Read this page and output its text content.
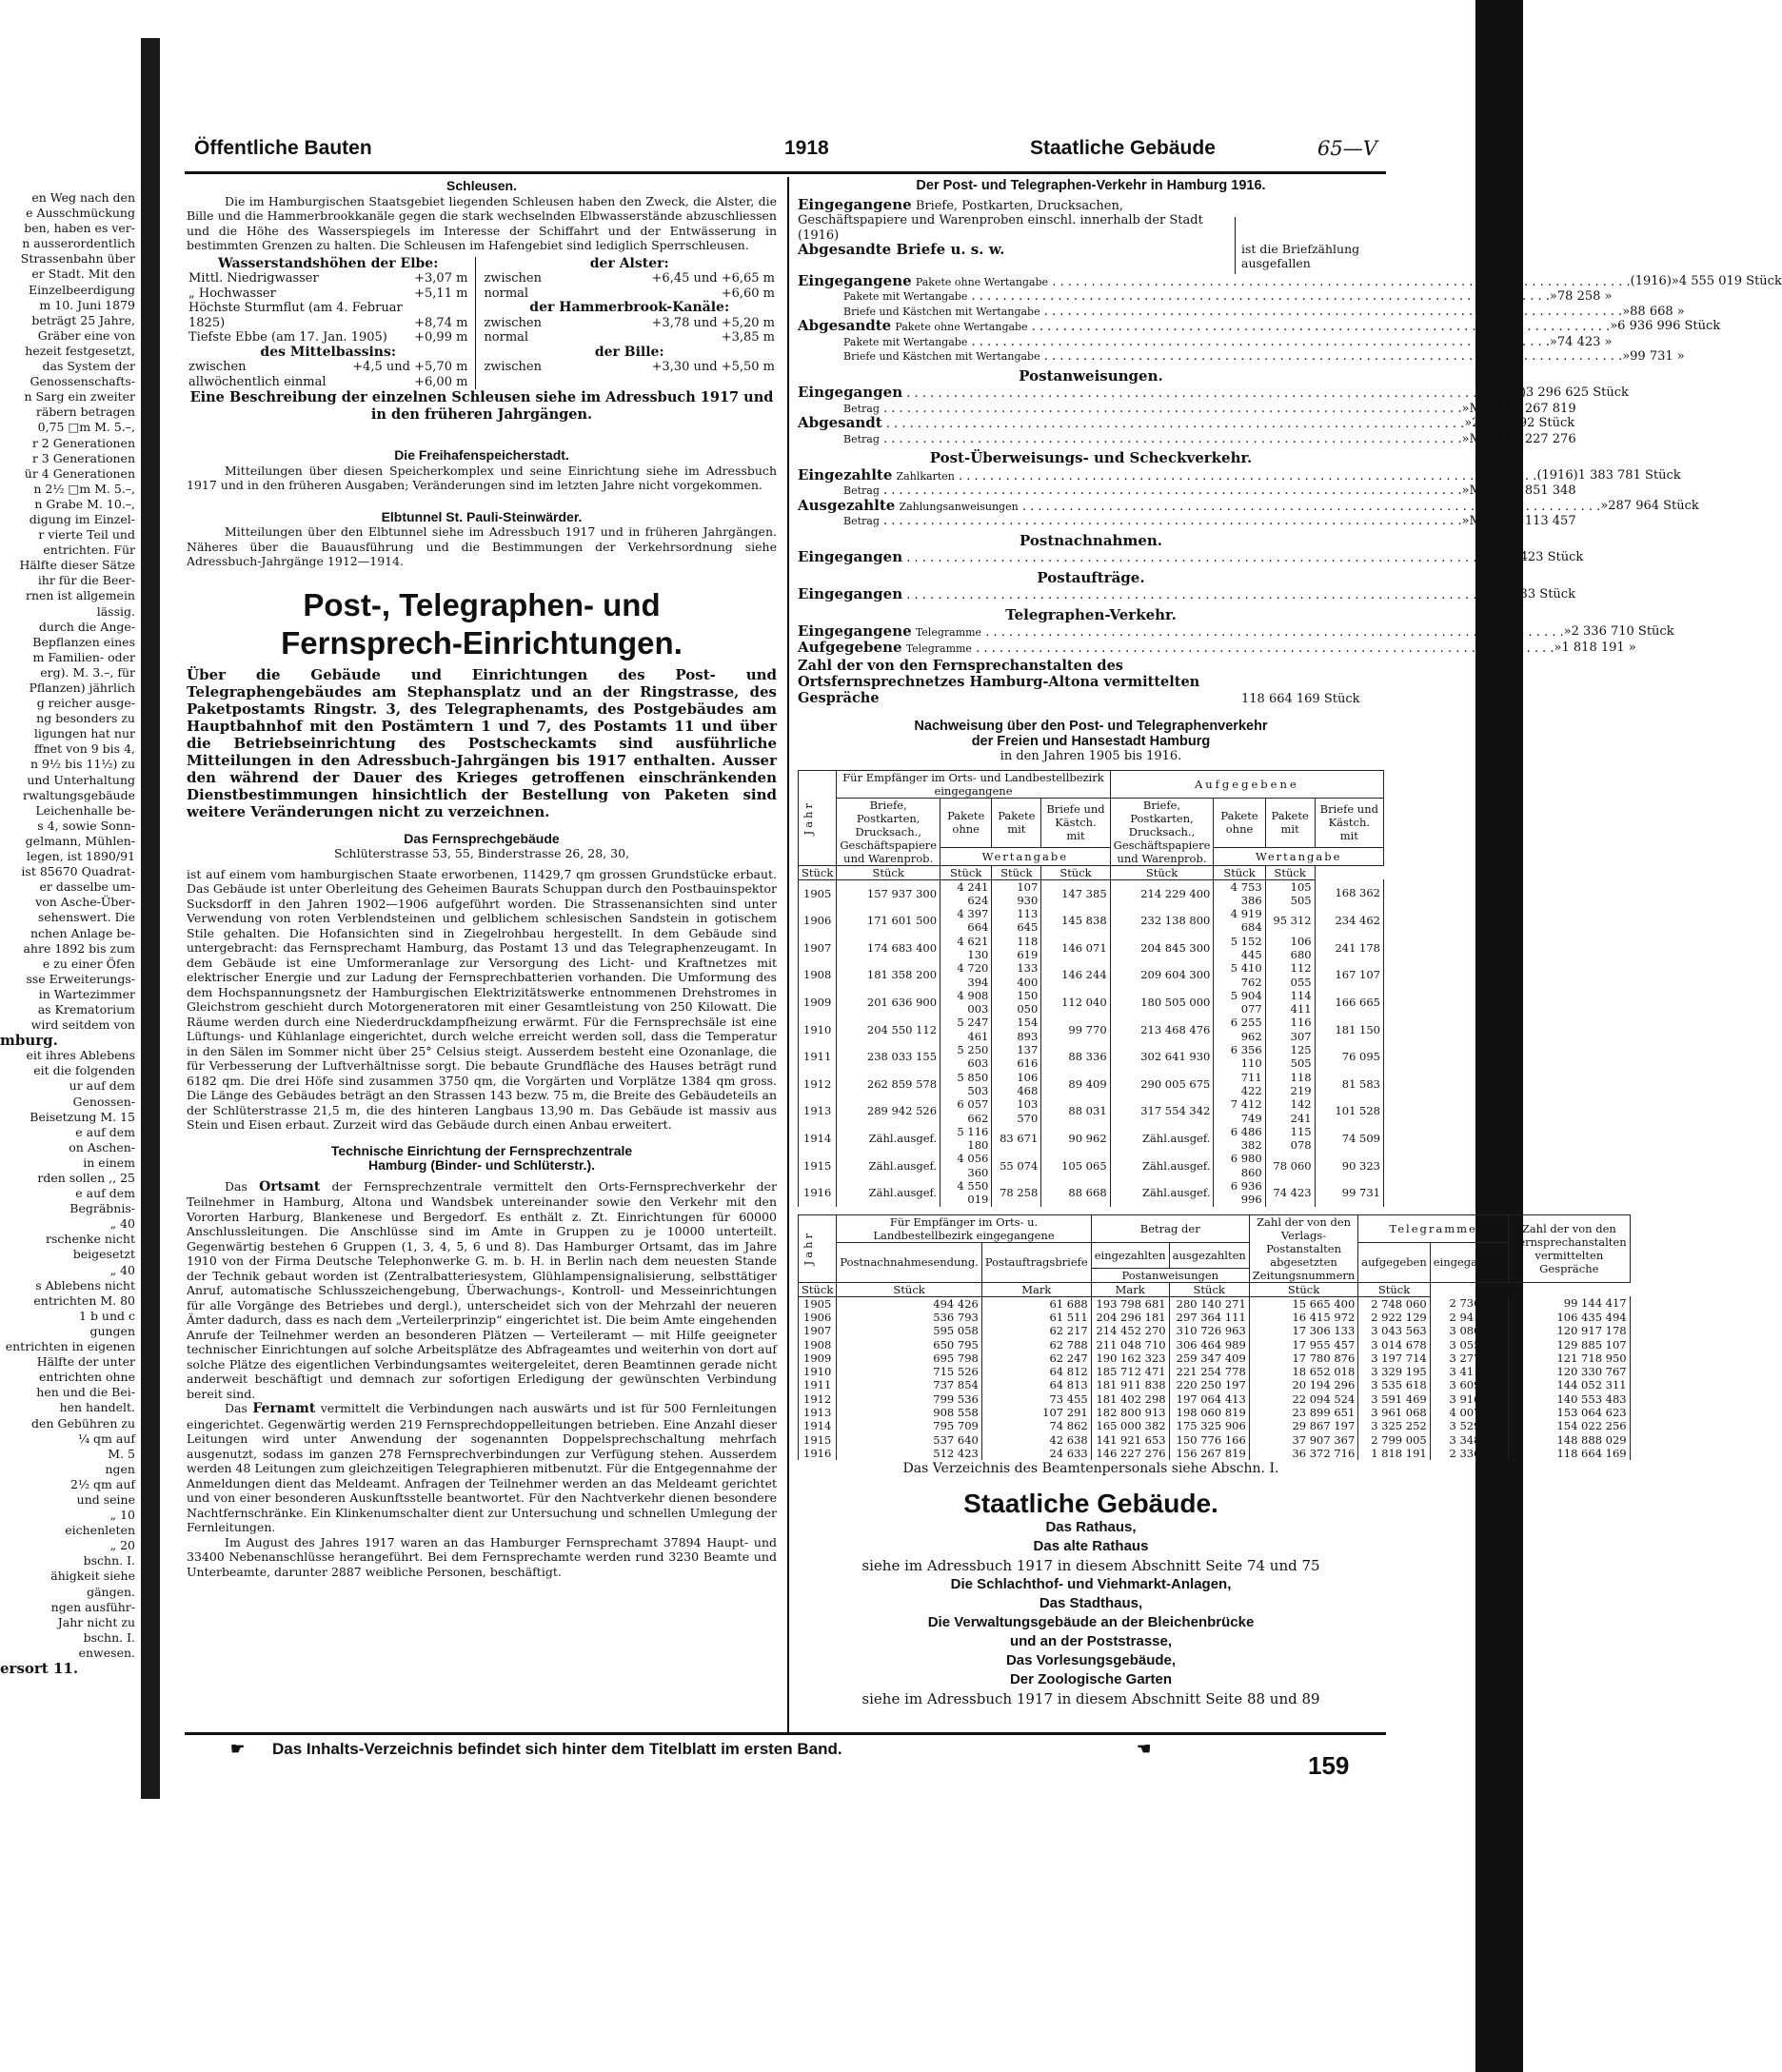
en Weg nach den
e Ausschmückung
ben, haben es ver-
n ausserordentlich
Strassenbahn über
er Stadt. Mit den
Einzelbeerdigung
m 10. Juni 1879
beträgt 25 Jahre,
Gräber eine von
hezeit festgesetzt,
das System der
Genossenschafts-
n Sarg ein zweiter
räbern betragen
0,75 □m M. 5.–,
r 2 Generationen
r 3 Generationen
ür 4 Generationen
n 2½ □m M. 5.–,
n Grabe M. 10.–,
digung im Einzel-
r vierte Teil und
entrichten. Für
Hälfte dieser Sätze
ihr für die Beer-
rnen ist allgemein
lässig.
durch die Ange-
Bepflanzen eines
m Familien- oder
erg). M. 3.–, für
Pflanzen) jährlich
g reicher ausge-
ng besonders zu
ligungen hat nur
ffnet von 9 bis 4,
n 9½ bis 11½) zu
und Unterhaltung
rwaltungsgebäude
Leichenhalle be-
s 4, sowie Sonn-
gelmann, Mühlen-
legen, ist 1890/91
ist 85670 Quadrat-
er dasselbe um-
von Asche-Über-
sehenswert. Die
nchen Anlage be-
ahre 1892 bis zum
e zu einer Öfen
sse Erweiterungs-
in Wartezimmer
as Krematorium
wird seitdem von
mburg.
eit ihres Ablebens
eit die folgenden
ur auf dem
Genossen-
Beisetzung M. 15
e auf dem
on Aschen-
in einem
rden sollen ,, 25
e auf dem
Begräbnis-
„ 40
rschenke nicht
beigesetzt
„ 40
s Ablebens nicht
entrichten M. 80
1 b und c
gungen
entrichten in eigenen
Hälfte der unter
entrichten ohne
hen und die Bei-
hen handelt.
den Gebühren zu
¼ qm auf
M. 5
ngen
2½ qm auf
und seine
„ 10
eichenleten
„ 20
bschn. I.
ähigkeit siehe
gängen.
ngen ausführ-
Jahr nicht zu
bschn. I.
enwesen.
ersort 11.
Öffentliche Bauten	1918	Staatliche Gebäude	65—V
Schleusen.

Die im Hamburgischen Staatsgebiet liegenden Schleusen haben den Zweck, die Alster, die Bille und die Hammerbrookkanäle gegen die stark wechselnden Elbwasserstände abzuschliessen und die Höhe des Wasserspiegels im Interesse der Schiffahrt und der Entwässerung in bestimmten Grenzen zu halten. Die Schleusen im Hafengebiet sind lediglich Sperrschleusen.

Wasserstandshöhen der Elbe:
Mittl. Niedrigwasser	+3,07 m
„ Hochwasser	+5,11 m
Höchste Sturmflut (am 4. Februar 1825)	+8,74 m
Tiefste Ebbe (am 17. Jan. 1905)	+0,99 m
des Mittelbassins:
zwischen	+4,5 und +5,70 m
allwöchentlich einmal	+6,00 m
der Alster:
zwischen	+6,45 und +6,65 m
normal	+6,60 m
der Hammerbrook-Kanäle:
zwischen	+3,78 und +5,20 m
normal	+3,85 m
der Bille:
zwischen	+3,30 und +5,50 m
Eine Beschreibung der einzelnen Schleusen siehe im Adressbuch 1917 und in den früheren Jahrgängen.
Die Freihafenspeicherstadt.

Mitteilungen über diesen Speicherkomplex und seine Einrichtung siehe im Adressbuch 1917 und in den früheren Ausgaben; Veränderungen sind im letzten Jahre nicht vorgekommen.

Elbtunnel St. Pauli-Steinwärder.

Mitteilungen über den Elbtunnel siehe im Adressbuch 1917 und in früheren Jahrgängen. Näheres über die Bauausführung und die Bestimmungen der Verkehrsordnung siehe Adressbuch-Jahrgänge 1912—1914.

Post-, Telegraphen- und
Fernsprech-Einrichtungen.
Über die Gebäude und Einrichtungen des Post- und Telegraphengebäudes am Stephansplatz und an der Ringstrasse, des Paketpostamts Ringstr. 3, des Telegraphenamts, des Postgebäudes am Hauptbahnhof mit den Postämtern 1 und 7, des Postamts 11 und über die Betriebseinrichtung des Postscheckamts sind ausführliche Mitteilungen in den Adressbuch-Jahrgängen bis 1917 enthalten. Ausser den während der Dauer des Krieges getroffenen einschränkenden Dienstbestimmungen hinsichtlich der Bestellung von Paketen sind weitere Veränderungen nicht zu verzeichnen.
Das Fernsprechgebäude
Schlüterstrasse 53, 55, Binderstrasse 26, 28, 30,

ist auf einem vom hamburgischen Staate erworbenen, 11429,7 qm grossen Grundstücke erbaut. Das Gebäude ist unter Oberleitung des Geheimen Baurats Schuppan durch den Postbauinspektor Sucksdorff in den Jahren 1902—1906 aufgeführt worden. Die Strassenansichten sind unter Verwendung von roten Verblendsteinen und gelblichem schlesischen Sandstein in gotischem Stile gehalten. Die Hofansichten sind in Ziegelrohbau hergestellt. In dem Gebäude sind untergebracht: das Fernsprechamt Hamburg, das Postamt 13 und das Telegraphenzeugamt. In dem Gebäude ist eine Umformeranlage zur Versorgung des Licht- und Kraftnetzes mit elektrischer Energie und zur Ladung der Fernsprechbatterien vorhanden. Die Umformung des dem Hochspannungsnetz der Hamburgischen Elektrizitätswerke entnommenen Drehstromes in Gleichstrom geschieht durch Motorgeneratoren mit einer Gesamtleistung von 250 Kilowatt. Die Räume werden durch eine Niederdruckdampfheizung erwärmt. Für die Fernsprechsäle ist eine Lüftungs- und Kühlanlage eingerichtet, durch welche erreicht werden soll, dass die Temperatur in den Sälen im Sommer nicht über 25° Celsius steigt. Ausserdem besteht eine Ozonanlage, die für Verbesserung der Luftverhältnisse sorgt. Die bebaute Grundfläche des Hauses beträgt rund 6182 qm. Die drei Höfe sind zusammen 3750 qm, die Vorgärten und Vorplätze 1384 qm gross. Die Länge des Gebäudes beträgt an den Strassen 143 bezw. 75 m, die Breite des Gebäudeteils an der Schlüterstrasse 21,5 m, die des hinteren Langbaus 13,90 m. Das Gebäude ist massiv aus Stein und Eisen erbaut. Zurzeit wird das Gebäude durch einen Anbau erweitert.

Technische Einrichtung der Fernsprechzentrale
Hamburg (Binder- und Schlüterstr.).

Das Ortsamt der Fernsprechzentrale vermittelt den Orts-Fernsprechverkehr der Teilnehmer in Hamburg, Altona und Wandsbek untereinander sowie den Verkehr mit den Vororten Harburg, Blankenese und Bergedorf. Es enthält z. Zt. Einrichtungen für 60000 Anschlussleitungen. Die Anschlüsse sind im Amte in Gruppen zu je 10000 unterteilt. Gegenwärtig bestehen 6 Gruppen (1, 3, 4, 5, 6 und 8). Das Hamburger Ortsamt, das im Jahre 1910 von der Firma Deutsche Telephonwerke G. m. b. H. in Berlin nach dem neuesten Stande der Technik gebaut worden ist (Zentralbatteriesystem, Glühlampensignalisierung, selbsttätiger Anruf, automatische Schlusszeichengebung, Überwachungs-, Kontroll- und Messeinrichtungen für alle Vorgänge des Betriebes und dergl.), unterscheidet sich von der Mehrzahl der neueren Ämter dadurch, dass es nach dem „Verteilerprinzip“ eingerichtet ist. Die beim Amte eingehenden Anrufe der Teilnehmer werden an besonderen Plätzen — Verteileramt — mit Hilfe geeigneter technischer Einrichtungen auf solche Arbeitsplätze des Abfrageamtes und weiterhin von dort auf solche Plätze des eigentlichen Verbindungsamtes weitergeleitet, deren Beamtinnen gerade nicht anderweit beschäftigt und demnach zur sofortigen Erledigung der gewünschten Verbindung bereit sind.

Das Fernamt vermittelt die Verbindungen nach auswärts und ist für 500 Fernleitungen eingerichtet. Gegenwärtig werden 219 Fernsprechdoppelleitungen betrieben. Eine Anzahl dieser Leitungen wird unter Anwendung der sogenannten Doppelsprechschaltung mehrfach ausgenutzt, sodass im ganzen 278 Fernsprechverbindungen zur Verfügung stehen. Ausserdem werden 48 Leitungen zum gleichzeitigen Telegraphieren mitbenutzt. Für die Entgegennahme der Anmeldungen dient das Meldeamt. Anfragen der Teilnehmer werden an das Meldeamt gerichtet und von einer besonderen Auskunftsstelle beantwortet. Für den Nachtverkehr dienen besondere Nachtfernschränke. Ein Klinkenumschalter dient zur Untersuchung und schnellen Umlegung der Fernleitungen.

Im August des Jahres 1917 waren an das Hamburger Fernsprechamt 37894 Haupt- und 33400 Nebenanschlüsse herangeführt. Bei dem Fernsprechamte werden rund 3230 Beamte und Unterbeamte, darunter 2887 weibliche Personen, beschäftigt.

Der Post- und Telegraphen-Verkehr in Hamburg 1916.
Eingegangene Briefe, Postkarten, Drucksachen, Geschäftspapiere und Warenproben einschl. innerhalb der Stadt (1916)
Abgesandte Briefe u. s. w.	ist die Briefzählung
ausgefallen
Eingegangene Pakete ohne Wertangabe . . .	(1916) » 4 555 019 Stück
Pakete mit Wertangabe . . .	» 78 258 »
Briefe und Kästchen mit Wertangabe . . .	» 88 668 »
Abgesandte Pakete ohne Wertangabe . . .	» 6 936 996 Stück
Pakete mit Wertangabe . . .	» 74 423 »
Briefe und Kästchen mit Wertangabe . . .	» 99 731 »
Postanweisungen.
Eingegangen . . .	(1916) 3 296 625 Stück
Betrag . . .	» Mk. 156 267 819
Abgesandt . . .	» 2 516 992 Stück
Betrag . . .	» Mk. 146 227 276
Post-Überweisungs- und Scheckverkehr.
Eingezahlte Zahlkarten . . .	(1916) 1 383 781 Stück
Betrag . . .	» Mk. 209 851 348
Ausgezahlte Zahlungsanweisungen . . .	» 287 964 Stück
Betrag . . .	» Mk. 134 113 457
Postnachnahmen.
Eingegangen . . .	» 512 423 Stück
Postaufträge.
Eingegangen . . .	» 24 633 Stück
Telegraphen-Verkehr.
Eingegangene Telegramme . . .	» 2 336 710 Stück
Aufgegebene Telegramme . . .	» 1 818 191 »
Zahl der von den Fernsprechanstalten des Ortsfernsprechnetzes Hamburg-Altona vermittelten Gespräche	118 664 169 Stück
Nachweisung über den Post- und Telegraphenverkehr
der Freien und Hansestadt Hamburg
in den Jahren 1905 bis 1916.
Jahr	Für Empfänger im Orts- und Landbestellbezirk eingegangene				Aufgegebene			
	Briefe, Postkarten, Drucksach., Geschäftspapiere und Warenprob.	Pakete ohne	Pakete mit	Briefe und Kästch. mit	Briefe, Postkarten, Drucksach., Geschäftspapiere und Warenprob.	Pakete ohne	Pakete mit	Briefe und Kästch. mit
		Wertangabe				Wertangabe		
Stück	Stück	Stück	Stück	Stück	Stück	Stück	Stück	
1905	157 937 300	4 241 624	107 930	147 385	214 229 400	4 753 386	105 505	168 362
1906	171 601 500	4 397 664	113 645	145 838	232 138 800	4 919 684	95 312	234 462
1907	174 683 400	4 621 130	118 619	146 071	204 845 300	5 152 445	106 680	241 178
1908	181 358 200	4 720 394	133 400	146 244	209 604 300	5 410 762	112 055	167 107
1909	201 636 900	4 908 003	150 050	112 040	180 505 000	5 904 077	114 411	166 665
1910	204 550 112	5 247 461	154 893	99 770	213 468 476	6 255 962	116 307	181 150
1911	238 033 155	5 250 603	137 616	88 336	302 641 930	6 356 110	125 505	76 095
1912	262 859 578	5 850 503	106 468	89 409	290 005 675	711 422	118 219	81 583
1913	289 942 526	6 057 662	103 570	88 031	317 554 342	7 412 749	142 241	101 528
1914	Zähl.ausgef.	5 116 180	83 671	90 962	Zähl.ausgef.	6 486 382	115 078	74 509
1915	Zähl.ausgef.	4 056 360	55 074	105 065	Zähl.ausgef.	6 980 860	78 060	90 323
1916	Zähl.ausgef.	4 550 019	78 258	88 668	Zähl.ausgef.	6 936 996	74 423	99 731
Jahr	Für Empfänger im Orts- u. Landbestellbezirk eingegangene		Betrag der		Zahl der von den Verlags-Postanstalten abgesetzten Zeitungsnummern	Telegramme		Zahl der von den Fernsprechanstalten vermittelten Gespräche
	Postnachnahmesendung.	Postauftragsbriefe	eingezahlten	ausgezahlten		aufgegeben	eingegangen	
			Postanweisungen					
Stück	Stück	Mark	Mark	Stück	Stück	Stück		
1905	494 426	61 688	193 798 681	280 140 271	15 665 400	2 748 060	2 736 249	99 144 417
1906	536 793	61 511	204 296 181	297 364 111	16 415 972	2 922 129	2 941 969	106 435 494
1907	595 058	62 217	214 452 270	310 726 963	17 306 133	3 043 563	3 080 291	120 917 178
1908	650 795	62 788	211 048 710	306 464 989	17 955 457	3 014 678	3 055 922	129 885 107
1909	695 798	62 247	190 162 323	259 347 409	17 780 876	3 197 714	3 277 169	121 718 950
1910	715 526	64 812	185 712 471	221 254 778	18 652 018	3 329 195	3 411 552	120 330 767
1911	737 854	64 813	181 911 838	220 250 197	20 194 296	3 535 618	3 609 130	144 052 311
1912	799 536	73 455	181 402 298	197 064 413	22 094 524	3 591 469	3 916 056	140 553 483
1913	908 558	107 291	182 800 913	198 060 819	23 899 651	3 961 068	4 007 028	153 064 623
1914	795 709	74 862	165 000 382	175 325 906	29 867 197	3 325 252	3 529 136	154 022 256
1915	537 640	42 638	141 921 653	150 776 166	37 907 367	2 799 005	3 348 777	148 888 029
1916	512 423	24 633	146 227 276	156 267 819	36 372 716	1 818 191	2 336 710	118 664 169
Das Verzeichnis des Beamtenpersonals siehe Abschn. I.
Staatliche Gebäude.
Das Rathaus,
Das alte Rathaus
siehe im Adressbuch 1917 in diesem Abschnitt Seite 74 und 75
Die Schlachthof- und Viehmarkt-Anlagen,
Das Stadthaus,
Die Verwaltungsgebäude an der Bleichenbrücke
und an der Poststrasse,
Das Vorlesungsgebäude,
Der Zoologische Garten
siehe im Adressbuch 1917 in diesem Abschnitt Seite 88 und 89
☛ Das Inhalts-Verzeichnis befindet sich hinter dem Titelblatt im ersten Band.	☚
159
